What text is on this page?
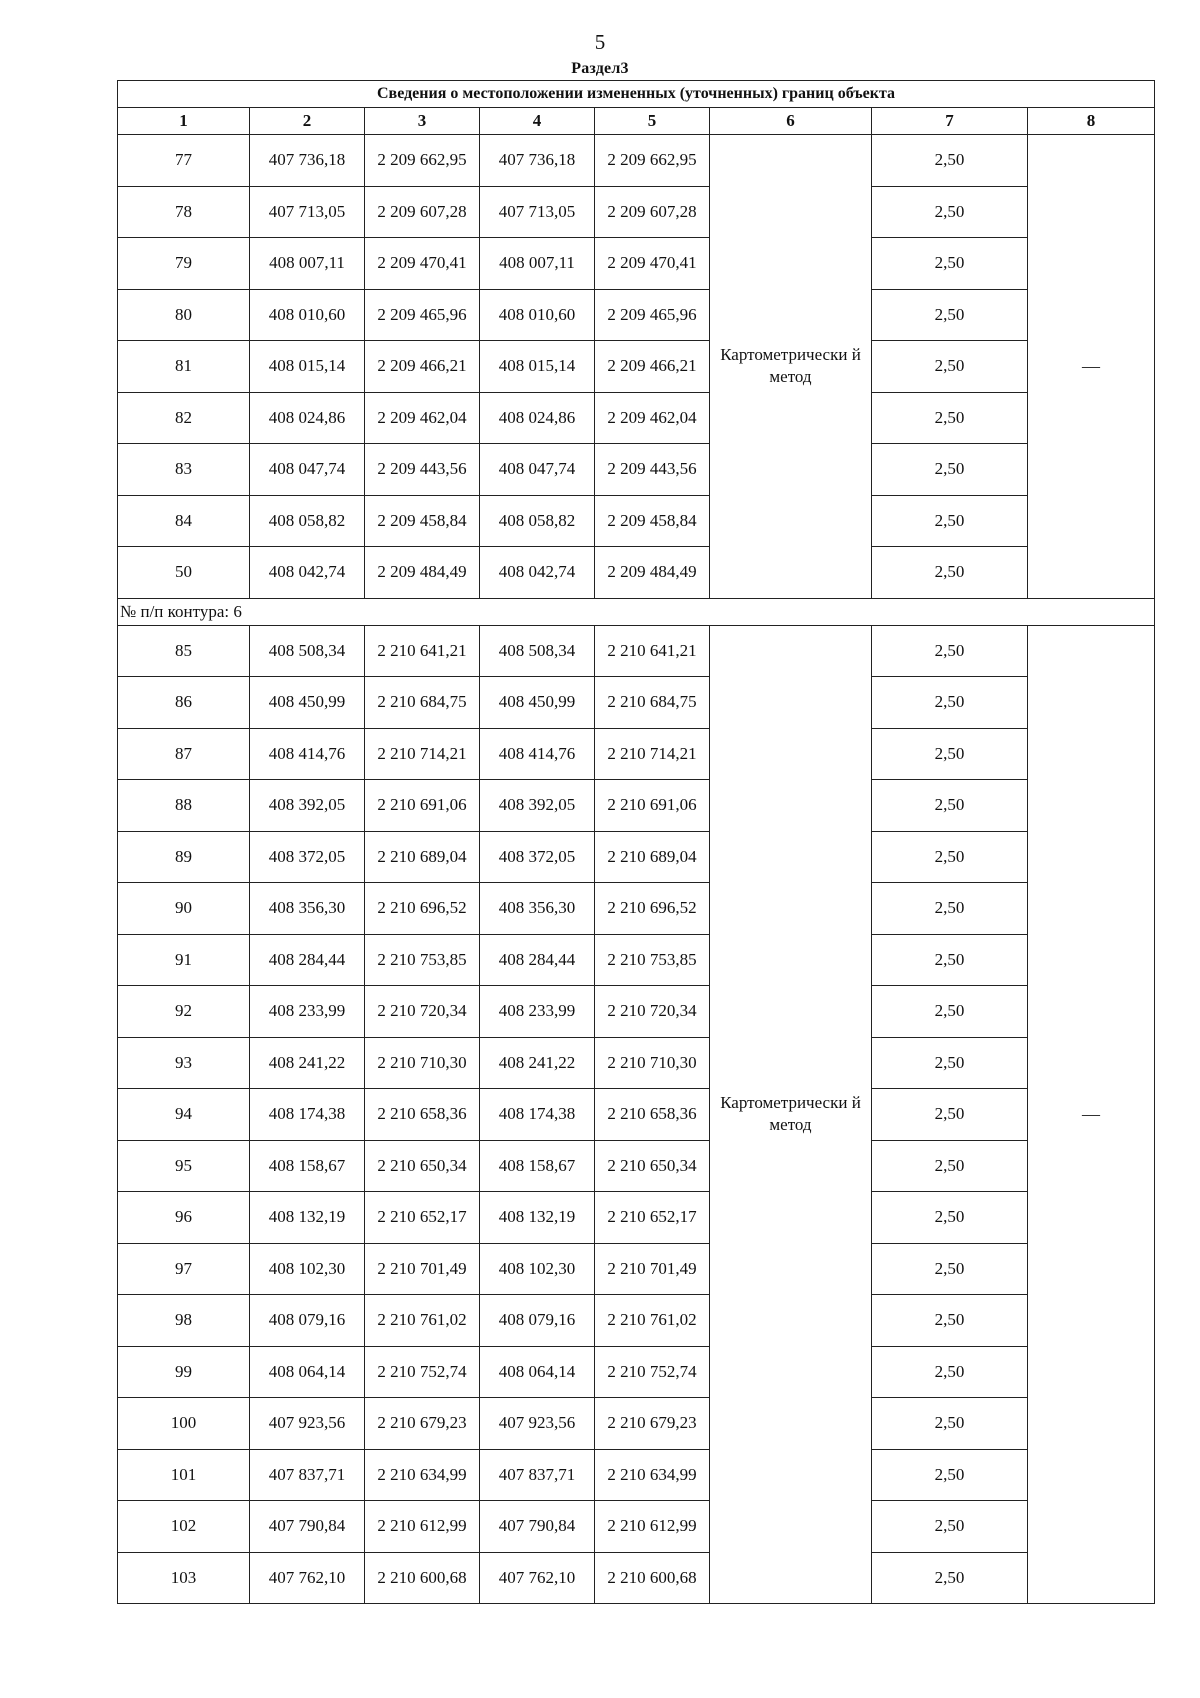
5
Раздел3
Сведения о местоположении измененных (уточненных) границ объекта							
1	2	3	4	5	6	7	8
77	407 736,18	2 209 662,95	407 736,18	2 209 662,95	Картометрически й метод	2,50	—
78	407 713,05	2 209 607,28	407 713,05	2 209 607,28		2,50	
79	408 007,11	2 209 470,41	408 007,11	2 209 470,41		2,50	
80	408 010,60	2 209 465,96	408 010,60	2 209 465,96		2,50	
81	408 015,14	2 209 466,21	408 015,14	2 209 466,21		2,50	
82	408 024,86	2 209 462,04	408 024,86	2 209 462,04		2,50	
83	408 047,74	2 209 443,56	408 047,74	2 209 443,56		2,50	
84	408 058,82	2 209 458,84	408 058,82	2 209 458,84		2,50	
50	408 042,74	2 209 484,49	408 042,74	2 209 484,49		2,50	
№ п/п контура: 6							
85	408 508,34	2 210 641,21	408 508,34	2 210 641,21	Картометрически й метод	2,50	—
86	408 450,99	2 210 684,75	408 450,99	2 210 684,75		2,50	
87	408 414,76	2 210 714,21	408 414,76	2 210 714,21		2,50	
88	408 392,05	2 210 691,06	408 392,05	2 210 691,06		2,50	
89	408 372,05	2 210 689,04	408 372,05	2 210 689,04		2,50	
90	408 356,30	2 210 696,52	408 356,30	2 210 696,52		2,50	
91	408 284,44	2 210 753,85	408 284,44	2 210 753,85		2,50	
92	408 233,99	2 210 720,34	408 233,99	2 210 720,34		2,50	
93	408 241,22	2 210 710,30	408 241,22	2 210 710,30		2,50	
94	408 174,38	2 210 658,36	408 174,38	2 210 658,36		2,50	
95	408 158,67	2 210 650,34	408 158,67	2 210 650,34		2,50	
96	408 132,19	2 210 652,17	408 132,19	2 210 652,17		2,50	
97	408 102,30	2 210 701,49	408 102,30	2 210 701,49		2,50	
98	408 079,16	2 210 761,02	408 079,16	2 210 761,02		2,50	
99	408 064,14	2 210 752,74	408 064,14	2 210 752,74		2,50	
100	407 923,56	2 210 679,23	407 923,56	2 210 679,23		2,50	
101	407 837,71	2 210 634,99	407 837,71	2 210 634,99		2,50	
102	407 790,84	2 210 612,99	407 790,84	2 210 612,99		2,50	
103	407 762,10	2 210 600,68	407 762,10	2 210 600,68		2,50	
